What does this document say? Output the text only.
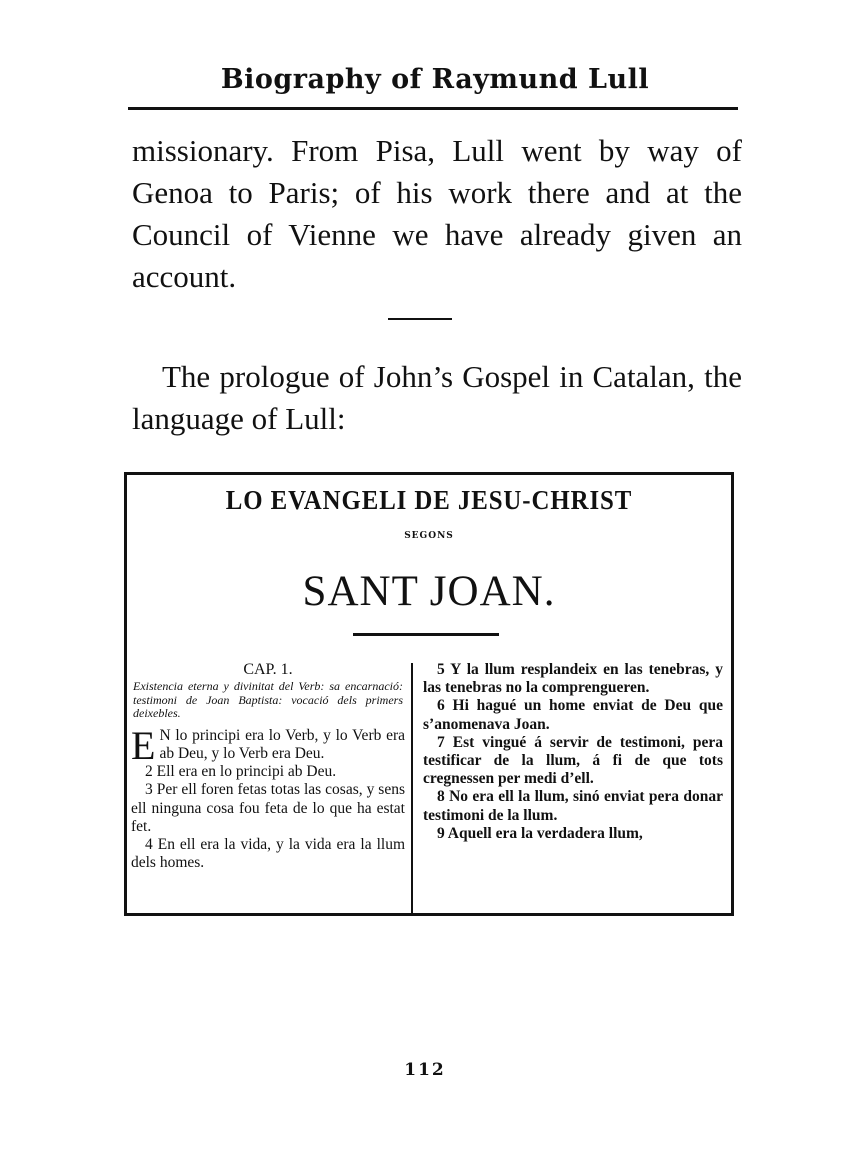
Biography of Raymund Lull
missionary. From Pisa, Lull went by way of Genoa to Paris; of his work there and at the Council of Vienne we have already given an account.
The prologue of John’s Gospel in Catalan, the language of Lull:
LO EVANGELI DE JESU-CHRIST
SEGONS
SANT JOAN.
CAP. 1.
Existencia eterna y divinitat del Verb: sa encarnació: testimoni de Joan Baptista: vocació dels primers deixebles.
E N lo principi era lo Verb, y lo Verb era ab Deu, y lo Verb era Deu.
2 Ell era en lo principi ab Deu.
3 Per ell foren fetas totas las cosas, y sens ell ninguna cosa fou feta de lo que ha estat fet.
4 En ell era la vida, y la vida era la llum dels homes.
5 Y la llum resplandeix en las tenebras, y las tenebras no la comprengueren.
6 Hi hagué un home enviat de Deu que s’anomenava Joan.
7 Est vingué á servir de testimoni, pera testificar de la llum, á fi de que tots cregnessen per medi d’ell.
8 No era ell la llum, sinó enviat pera donar testimoni de la llum.
9 Aquell era la verdadera llum,
112
